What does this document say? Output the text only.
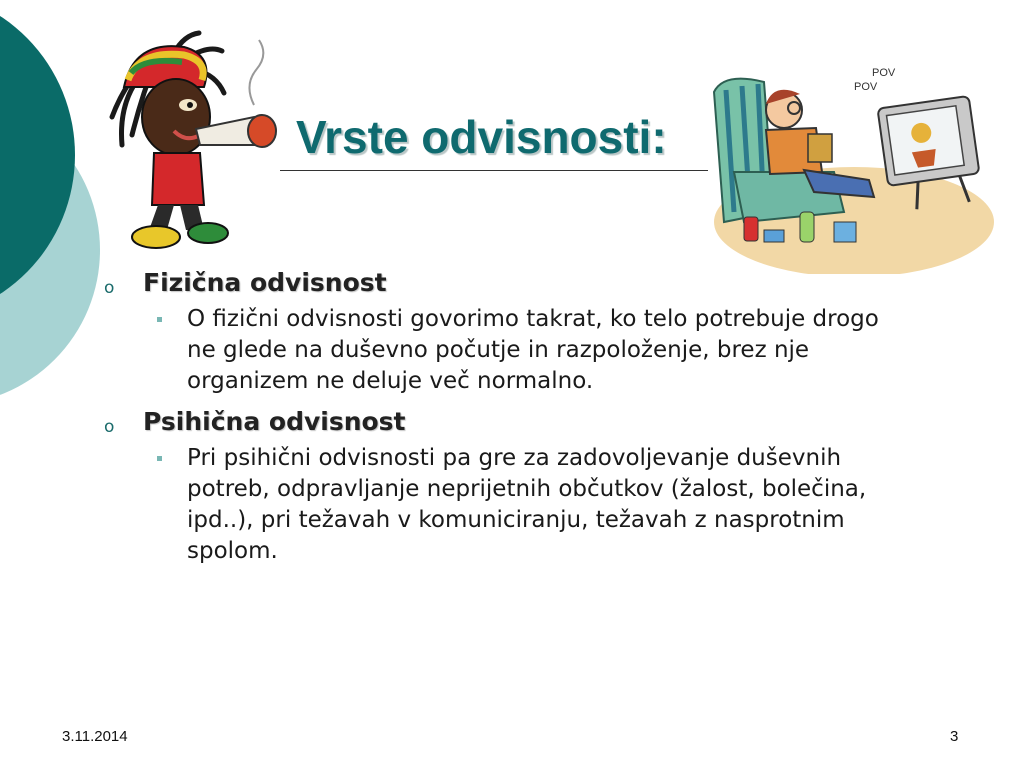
Vrste odvisnosti:
POV
POV
o Fizična odvisnost
O fizični odvisnosti govorimo takrat, ko telo potrebuje drogo ne glede na duševno počutje in razpoloženje, brez nje organizem ne deluje več normalno.
o Psihična odvisnost
Pri psihični odvisnosti pa gre za zadovoljevanje duševnih potreb, odpravljanje neprijetnih občutkov (žalost, bolečina, ipd..), pri težavah v komuniciranju, težavah z nasprotnim spolom.
3.11.2014	3
